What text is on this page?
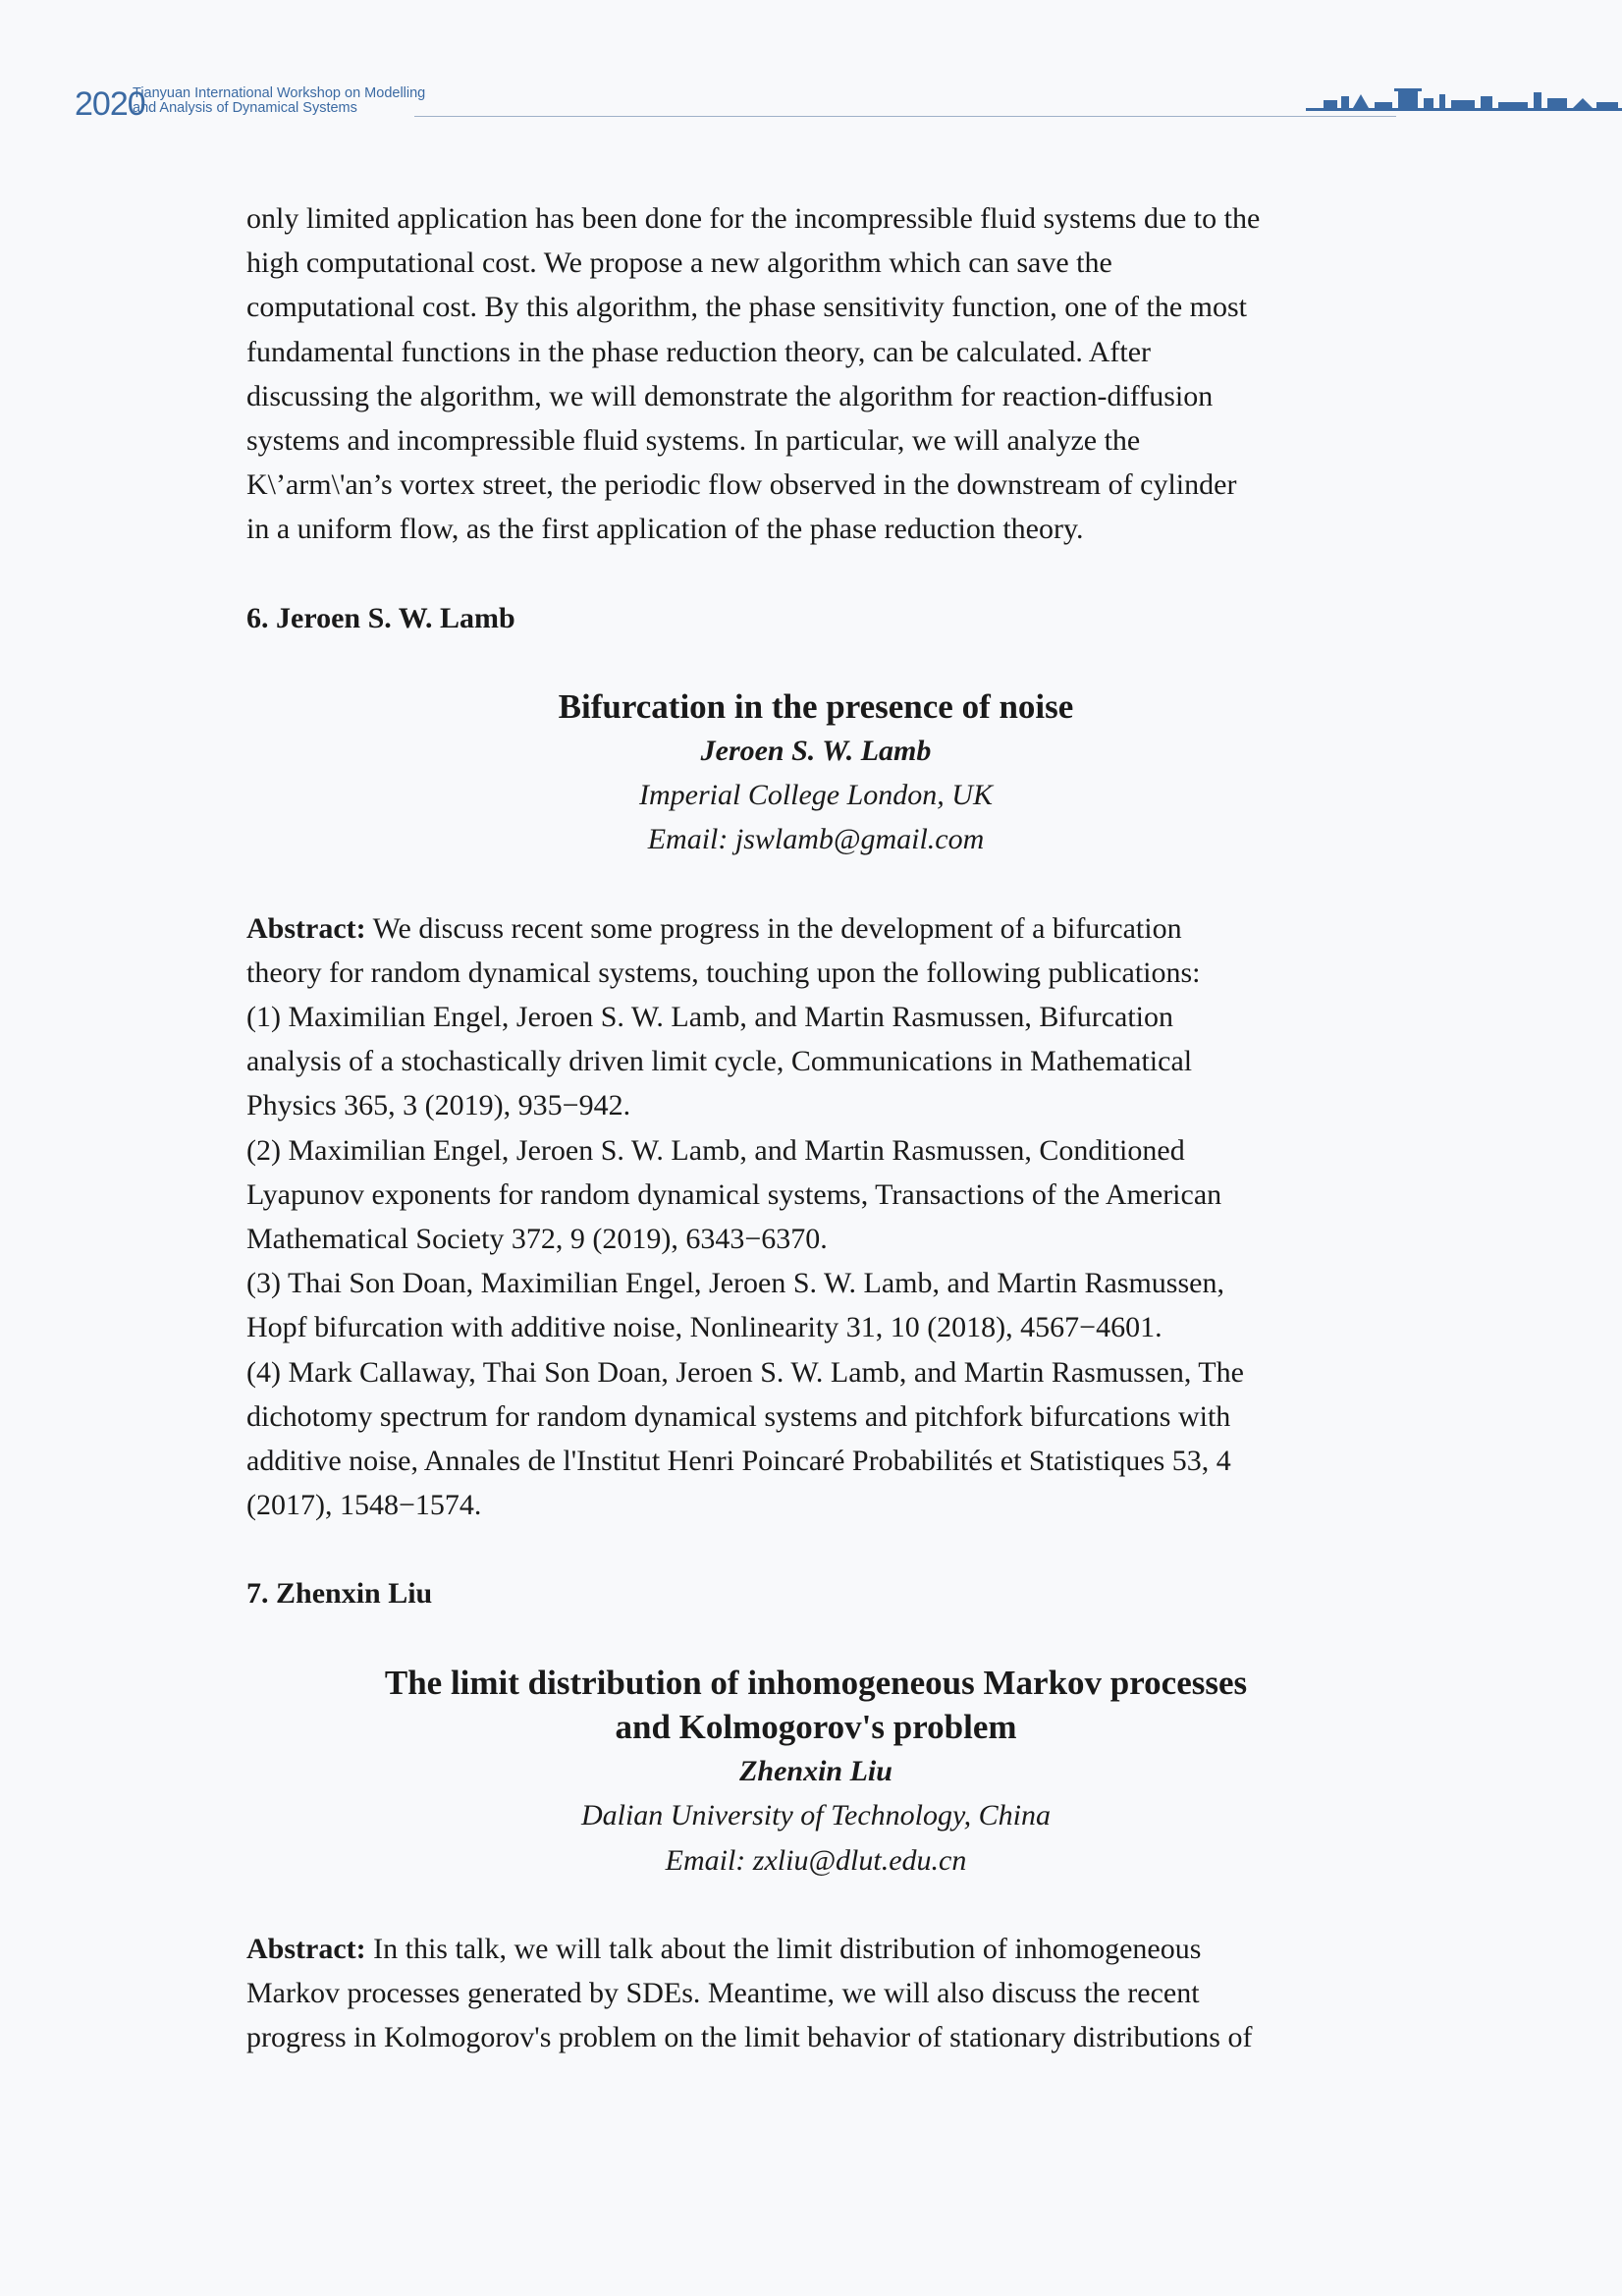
2020
Tianyuan International Workshop on Modelling
and Analysis of Dynamical Systems

only limited application has been done for the incompressible fluid systems due to the
high computational cost. We propose a new algorithm which can save the
computational cost. By this algorithm, the phase sensitivity function, one of the most
fundamental functions in the phase reduction theory, can be calculated. After
discussing the algorithm, we will demonstrate the algorithm for reaction-diffusion
systems and incompressible fluid systems. In particular, we will analyze the
K\’arm\'an’s vortex street, the periodic flow observed in the downstream of cylinder
in a uniform flow, as the first application of the phase reduction theory.

6. Jeroen S. W. Lamb

Bifurcation in the presence of noise

Jeroen S. W. Lamb

Imperial College London, UK

Email: jswlamb@gmail.com

Abstract: We discuss recent some progress in the development of a bifurcation
theory for random dynamical systems, touching upon the following publications:
(1) Maximilian Engel, Jeroen S. W. Lamb, and Martin Rasmussen, Bifurcation
analysis of a stochastically driven limit cycle, Communications in Mathematical
Physics 365, 3 (2019), 935−942.
(2) Maximilian Engel, Jeroen S. W. Lamb, and Martin Rasmussen, Conditioned
Lyapunov exponents for random dynamical systems, Transactions of the American
Mathematical Society 372, 9 (2019), 6343−6370.
(3) Thai Son Doan, Maximilian Engel, Jeroen S. W. Lamb, and Martin Rasmussen,
Hopf bifurcation with additive noise, Nonlinearity 31, 10 (2018), 4567−4601.
(4) Mark Callaway, Thai Son Doan, Jeroen S. W. Lamb, and Martin Rasmussen, The
dichotomy spectrum for random dynamical systems and pitchfork bifurcations with
additive noise, Annales de l'Institut Henri Poincaré Probabilités et Statistiques 53, 4
(2017), 1548−1574.

7. Zhenxin Liu

The limit distribution of inhomogeneous Markov processes

and Kolmogorov's problem

Zhenxin Liu

Dalian University of Technology, China

Email: zxliu@dlut.edu.cn

Abstract: In this talk, we will talk about the limit distribution of inhomogeneous
Markov processes generated by SDEs. Meantime, we will also discuss the recent
progress in Kolmogorov's problem on the limit behavior of stationary distributions of
